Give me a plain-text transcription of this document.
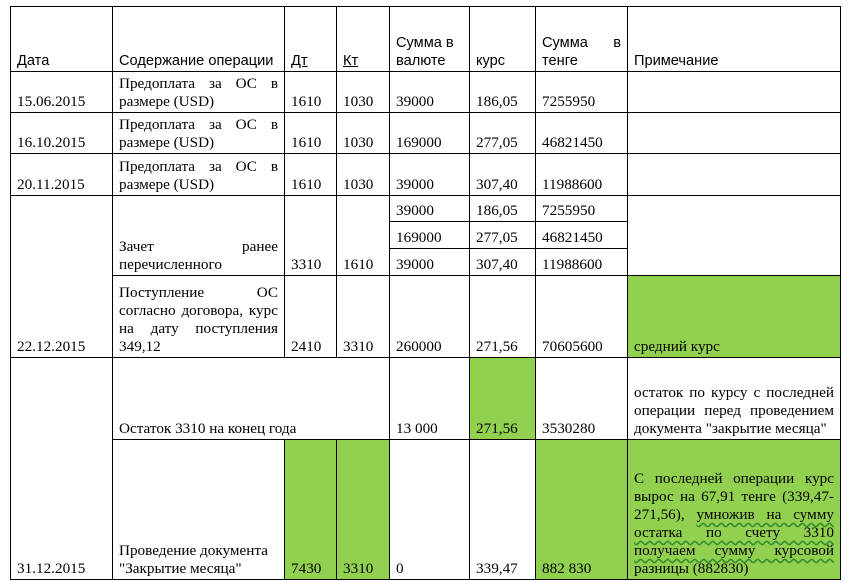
Дата	Содержание операции	Дт	Кт	Сумма в валюте	курс	Сумма в тенге	Примечание
15.06.2015	Предоплата за ОС в размере (USD)	1610	1030	39000	186,05	7255950	
16.10.2015	Предоплата за ОС в размере (USD)	1610	1030	169000	277,05	46821450	
20.11.2015	Предоплата за ОС в размере (USD)	1610	1030	39000	307,40	11988600	
22.12.2015	Зачет ранее перечисленного	3310	1610	39000	186,05	7255950	
				169000	277,05	46821450	
				39000	307,40	11988600	
	Поступление ОС согласно договора, курс на дату поступления 349,12	2410	3310	260000	271,56	70605600	средний курс
31.12.2015	Остаток 3310 на конец года			13 000	271,56	3530280	остаток по курсу с последней операции перед проведением документа "закрытие месяца"
	Проведение документа "Закрытие месяца"	7430	3310	0	339,47	882 830	С последней операции курс вырос на 67,91 тенге (339,47-271,56), умножив на сумму остатка по счету 3310 получаем сумму курсовой разницы (882830)
